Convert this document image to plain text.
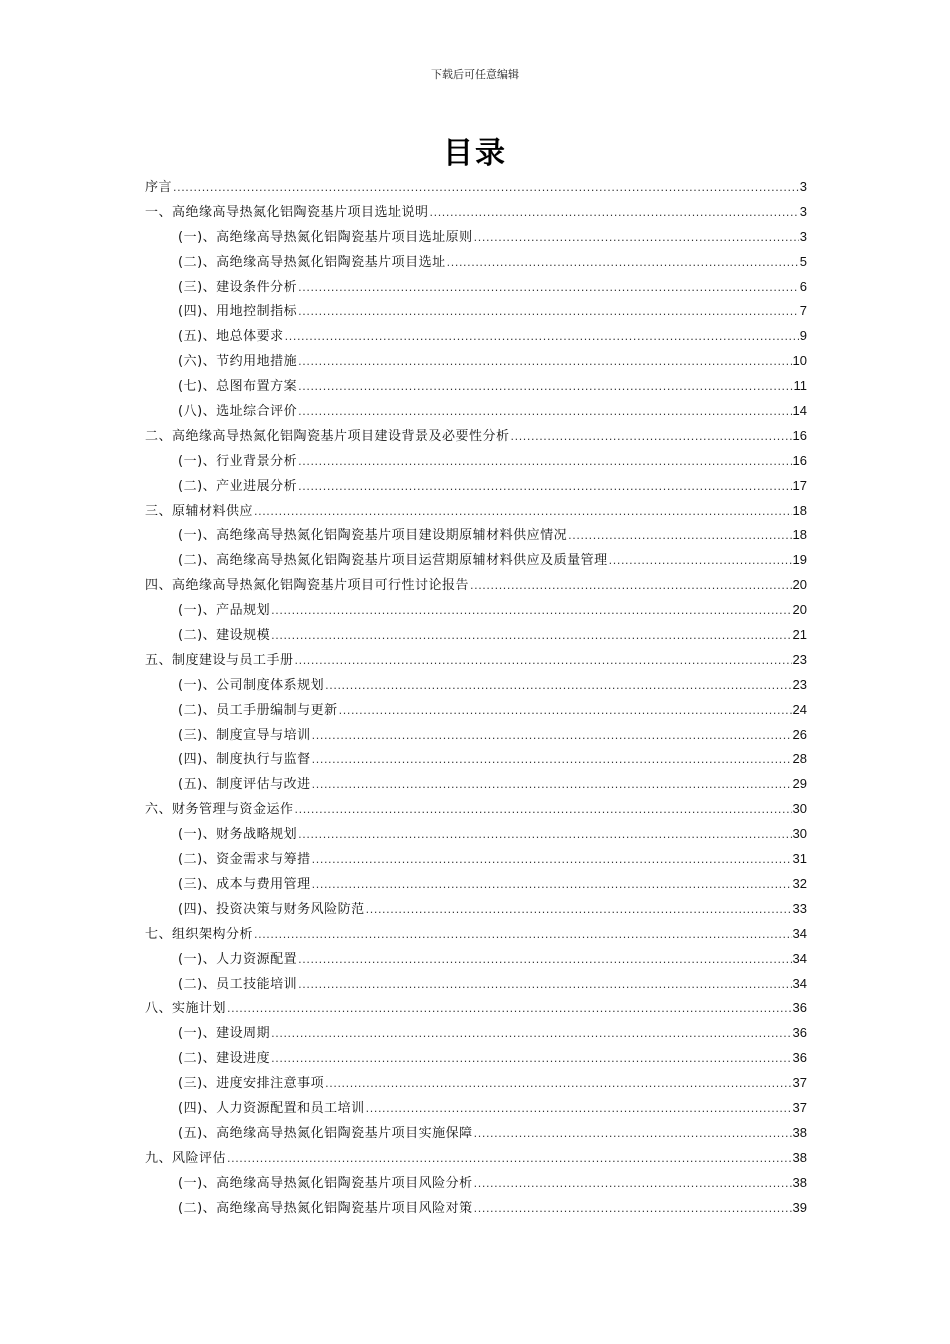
下载后可任意编辑
目录
序言 .....	3
一、高绝缘高导热氮化铝陶瓷基片项目选址说明 .....	3
(一)、高绝缘高导热氮化铝陶瓷基片项目选址原则 .....	3
(二)、高绝缘高导热氮化铝陶瓷基片项目选址 .....	5
(三)、建设条件分析 .....	6
(四)、用地控制指标 .....	7
(五)、地总体要求 .....	9
(六)、节约用地措施 .....	10
(七)、总图布置方案 .....	11
(八)、选址综合评价 .....	14
二、高绝缘高导热氮化铝陶瓷基片项目建设背景及必要性分析 .....	16
(一)、行业背景分析 .....	16
(二)、产业进展分析 .....	17
三、原辅材料供应 .....	18
(一)、高绝缘高导热氮化铝陶瓷基片项目建设期原辅材料供应情况 .....	18
(二)、高绝缘高导热氮化铝陶瓷基片项目运营期原辅材料供应及质量管理 .....	19
四、高绝缘高导热氮化铝陶瓷基片项目可行性讨论报告 .....	20
(一)、产品规划 .....	20
(二)、建设规模 .....	21
五、制度建设与员工手册 .....	23
(一)、公司制度体系规划 .....	23
(二)、员工手册编制与更新 .....	24
(三)、制度宣导与培训 .....	26
(四)、制度执行与监督 .....	28
(五)、制度评估与改进 .....	29
六、财务管理与资金运作 .....	30
(一)、财务战略规划 .....	30
(二)、资金需求与筹措 .....	31
(三)、成本与费用管理 .....	32
(四)、投资决策与财务风险防范 .....	33
七、组织架构分析 .....	34
(一)、人力资源配置 .....	34
(二)、员工技能培训 .....	34
八、实施计划 .....	36
(一)、建设周期 .....	36
(二)、建设进度 .....	36
(三)、进度安排注意事项 .....	37
(四)、人力资源配置和员工培训 .....	37
(五)、高绝缘高导热氮化铝陶瓷基片项目实施保障 .....	38
九、风险评估 .....	38
(一)、高绝缘高导热氮化铝陶瓷基片项目风险分析 .....	38
(二)、高绝缘高导热氮化铝陶瓷基片项目风险对策 .....	39
